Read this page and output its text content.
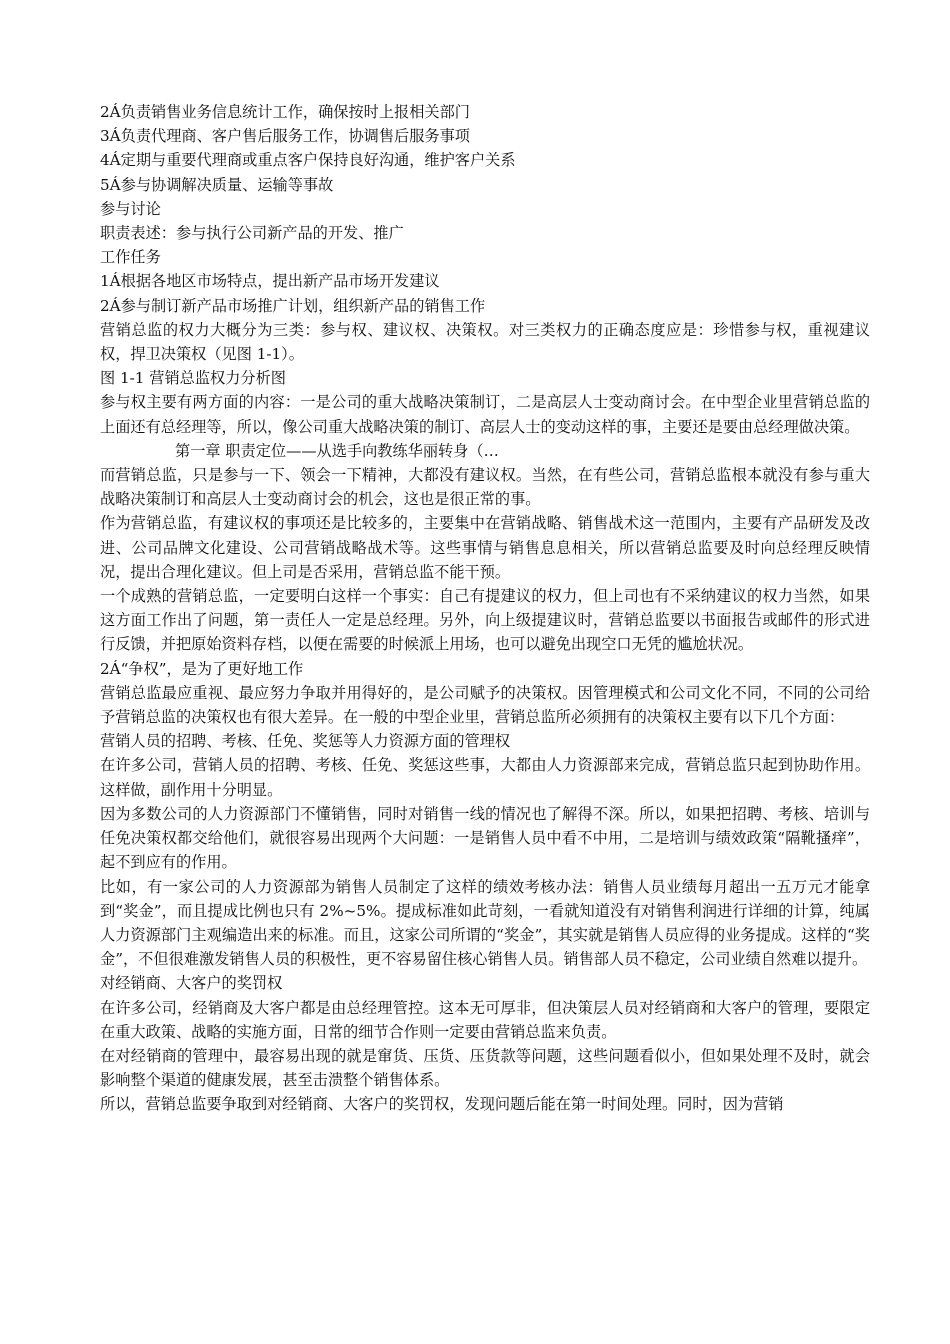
2Á负责销售业务信息统计工作，确保按时上报相关部门

3Á负责代理商、客户售后服务工作，协调售后服务事项

4Á定期与重要代理商或重点客户保持良好沟通，维护客户关系

5Á参与协调解决质量、运输等事故

参与讨论

职责表述：参与执行公司新产品的开发、推广

工作任务

1Á根据各地区市场特点，提出新产品市场开发建议

2Á参与制订新产品市场推广计划，组织新产品的销售工作

营销总监的权力大概分为三类：参与权、建议权、决策权。对三类权力的正确态度应是：珍惜参与权，重视建议权，捍卫决策权（见图 1-1）。

图 1-1 营销总监权力分析图

参与权主要有两方面的内容：一是公司的重大战略决策制订，二是高层人士变动商讨会。在中型企业里营销总监的上面还有总经理等，所以，像公司重大战略决策的制订、高层人士的变动这样的事，主要还是要由总经理做决策。

第一章 职责定位——从选手向教练华丽转身（…

而营销总监，只是参与一下、领会一下精神，大都没有建议权。当然，在有些公司，营销总监根本就没有参与重大战略决策制订和高层人士变动商讨会的机会，这也是很正常的事。

作为营销总监，有建议权的事项还是比较多的，主要集中在营销战略、销售战术这一范围内，主要有产品研发及改进、公司品牌文化建设、公司营销战略战术等。这些事情与销售息息相关，所以营销总监要及时向总经理反映情况，提出合理化建议。但上司是否采用，营销总监不能干预。

一个成熟的营销总监，一定要明白这样一个事实：自己有提建议的权力，但上司也有不采纳建议的权力当然，如果这方面工作出了问题，第一责任人一定是总经理。另外，向上级提建议时，营销总监要以书面报告或邮件的形式进行反馈，并把原始资料存档，以便在需要的时候派上用场，也可以避免出现空口无凭的尴尬状况。

2Á“争权”，是为了更好地工作

营销总监最应重视、最应努力争取并用得好的，是公司赋予的决策权。因管理模式和公司文化不同，不同的公司给予营销总监的决策权也有很大差异。在一般的中型企业里，营销总监所必须拥有的决策权主要有以下几个方面：

营销人员的招聘、考核、任免、奖惩等人力资源方面的管理权

在许多公司，营销人员的招聘、考核、任免、奖惩这些事，大都由人力资源部来完成，营销总监只起到协助作用。这样做，副作用十分明显。

因为多数公司的人力资源部门不懂销售，同时对销售一线的情况也了解得不深。所以，如果把招聘、考核、培训与任免决策权都交给他们，就很容易出现两个大问题：一是销售人员中看不中用，二是培训与绩效政策“隔靴搔痒”，起不到应有的作用。

比如，有一家公司的人力资源部为销售人员制定了这样的绩效考核办法：销售人员业绩每月超出一五万元才能拿到“奖金”，而且提成比例也只有 2%~5%。提成标准如此苛刻，一看就知道没有对销售利润进行详细的计算，纯属人力资源部门主观编造出来的标准。而且，这家公司所谓的“奖金”，其实就是销售人员应得的业务提成。这样的“奖金”，不但很难激发销售人员的积极性，更不容易留住核心销售人员。销售部人员不稳定，公司业绩自然难以提升。

对经销商、大客户的奖罚权

在许多公司，经销商及大客户都是由总经理管控。这本无可厚非，但决策层人员对经销商和大客户的管理，要限定在重大政策、战略的实施方面，日常的细节合作则一定要由营销总监来负责。

在对经销商的管理中，最容易出现的就是窜货、压货、压货款等问题，这些问题看似小，但如果处理不及时，就会影响整个渠道的健康发展，甚至击溃整个销售体系。

所以，营销总监要争取到对经销商、大客户的奖罚权，发现问题后能在第一时间处理。同时，因为营销
